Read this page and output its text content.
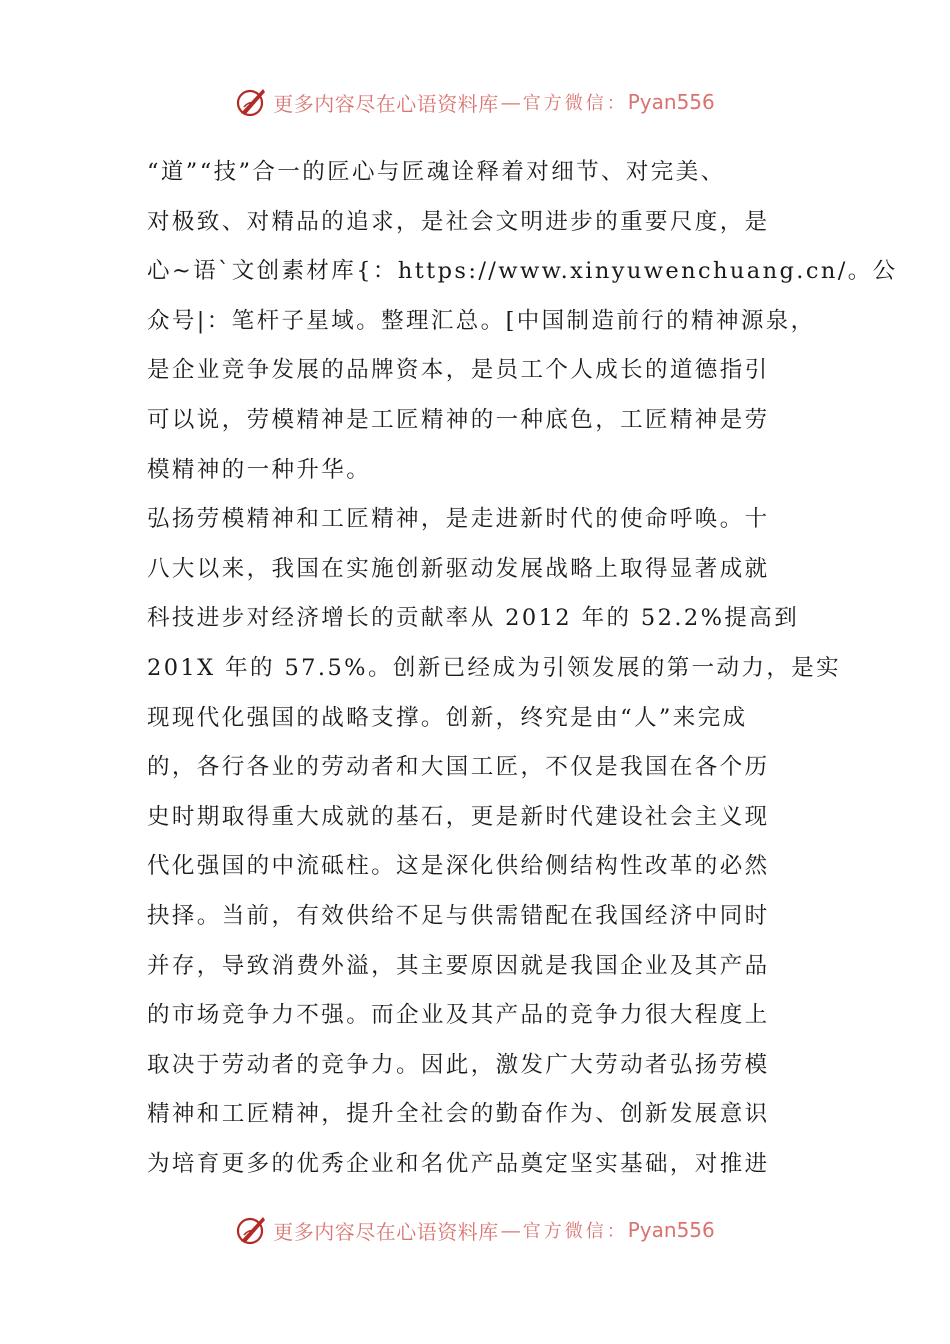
更多内容尽在心语资料库 — 官方微信： Pyan556
“道”“技”合一的匠心与匠魂诠释着对细节、对完美、
对极致、对精品的追求，是社会文明进步的重要尺度，是
心~语`文创素材库{：https://www.xinyuwenchuang.cn/。公
众号|：笔杆子星域。整理汇总。[中国制造前行的精神源泉，
是企业竞争发展的品牌资本，是员工个人成长的道德指引
可以说，劳模精神是工匠精神的一种底色，工匠精神是劳
模精神的一种升华。
弘扬劳模精神和工匠精神，是走进新时代的使命呼唤。十
八大以来，我国在实施创新驱动发展战略上取得显著成就
科技进步对经济增长的贡献率从 2012 年的 52.2%提高到
201X 年的 57.5%。创新已经成为引领发展的第一动力，是实
现现代化强国的战略支撑。创新，终究是由“人”来完成
的，各行各业的劳动者和大国工匠，不仅是我国在各个历
史时期取得重大成就的基石，更是新时代建设社会主义现
代化强国的中流砥柱。这是深化供给侧结构性改革的必然
抉择。当前，有效供给不足与供需错配在我国经济中同时
并存，导致消费外溢，其主要原因就是我国企业及其产品
的市场竞争力不强。而企业及其产品的竞争力很大程度上
取决于劳动者的竞争力。因此，激发广大劳动者弘扬劳模
精神和工匠精神，提升全社会的勤奋作为、创新发展意识
为培育更多的优秀企业和名优产品奠定坚实基础，对推进
更多内容尽在心语资料库 — 官方微信： Pyan556
